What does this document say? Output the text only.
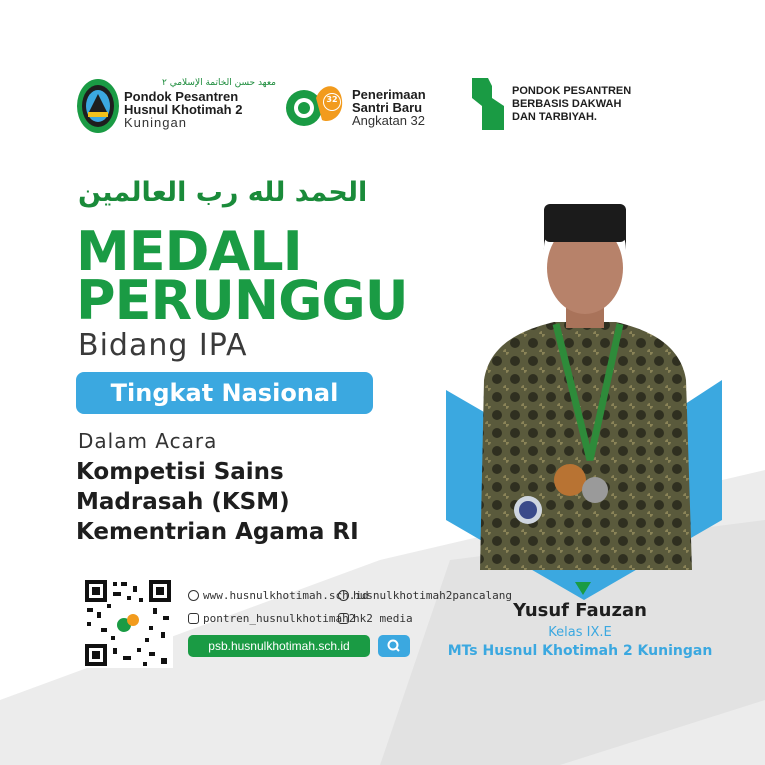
معهد حسن الخاتمة الإسلامي ٢
Pondok Pesantren
Husnul Khotimah 2
Kuningan
32 Penerimaan
Santri Baru
Angkatan 32
PONDOK PESANTREN
BERBASIS DAKWAH
DAN TARBIYAH.
الحمد لله رب العالمين
MEDALI
PERUNGGU
Bidang IPA
Tingkat Nasional
Dalam Acara
Kompetisi Sains
Madrasah (KSM)
Kementrian Agama RI
www.husnulkhotimah.sch.id
husnulkhotimah2pancalang
pontren_husnulkhotimah2
hk2 media
psb.husnulkhotimah.sch.id
Yusuf Fauzan
Kelas IX.E
MTs Husnul Khotimah 2 Kuningan
